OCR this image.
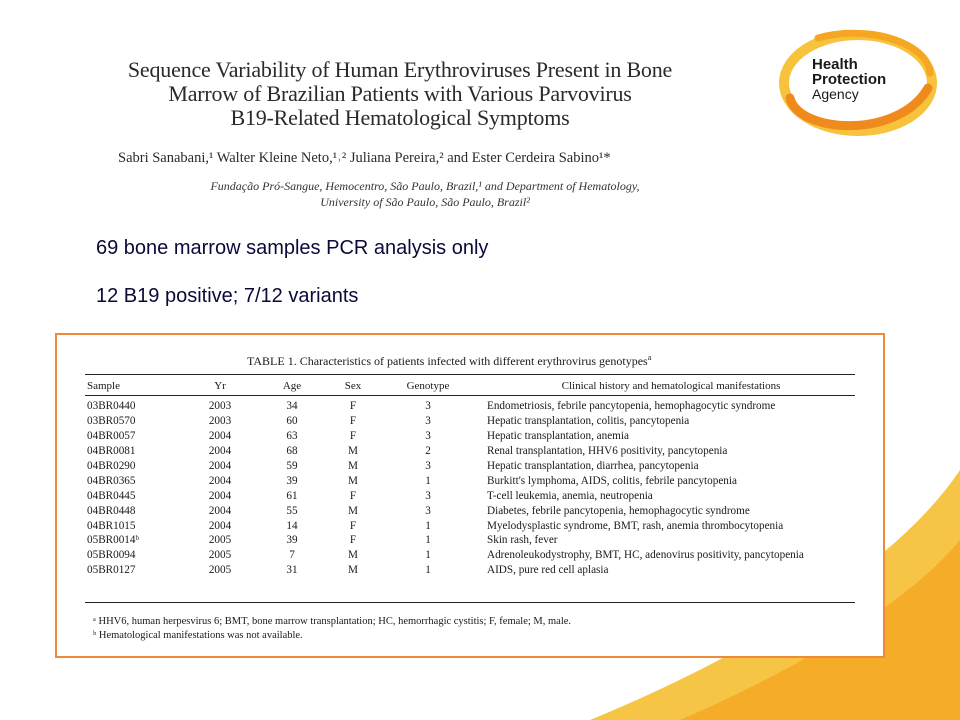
Health
Protection
Agency
Sequence Variability of Human Erythroviruses Present in Bone
Marrow of Brazilian Patients with Various Parvovirus
B19-Related Hematological Symptoms
Sabri Sanabani,¹ Walter Kleine Neto,¹˒² Juliana Pereira,² and Ester Cerdeira Sabino¹*
Fundação Pró-Sangue, Hemocentro, São Paulo, Brazil,¹ and Department of Hematology,
University of São Paulo, São Paulo, Brazil²
69 bone marrow samples PCR analysis only
12 B19 positive; 7/12 variants
TABLE 1. Characteristics of patients infected with different erythrovirus genotypes$^a$
Sample	Yr	Age	Sex	Genotype	Clinical history and hematological manifestations
03BR0440	2003	34	F	3	Endometriosis, febrile pancytopenia, hemophagocytic syndrome
03BR0570	2003	60	F	3	Hepatic transplantation, colitis, pancytopenia
04BR0057	2004	63	F	3	Hepatic transplantation, anemia
04BR0081	2004	68	M	2	Renal transplantation, HHV6 positivity, pancytopenia
04BR0290	2004	59	M	3	Hepatic transplantation, diarrhea, pancytopenia
04BR0365	2004	39	M	1	Burkitt's lymphoma, AIDS, colitis, febrile pancytopenia
04BR0445	2004	61	F	3	T-cell leukemia, anemia, neutropenia
04BR0448	2004	55	M	3	Diabetes, febrile pancytopenia, hemophagocytic syndrome
04BR1015	2004	14	F	1	Myelodysplastic syndrome, BMT, rash, anemia thrombocytopenia
05BR0014ᵇ	2005	39	F	1	Skin rash, fever
05BR0094	2005	7	M	1	Adrenoleukodystrophy, BMT, HC, adenovirus positivity, pancytopenia
05BR0127	2005	31	M	1	AIDS, pure red cell aplasia
ᵃ HHV6, human herpesvirus 6; BMT, bone marrow transplantation; HC, hemorrhagic cystitis; F, female; M, male.
ᵇ Hematological manifestations was not available.
